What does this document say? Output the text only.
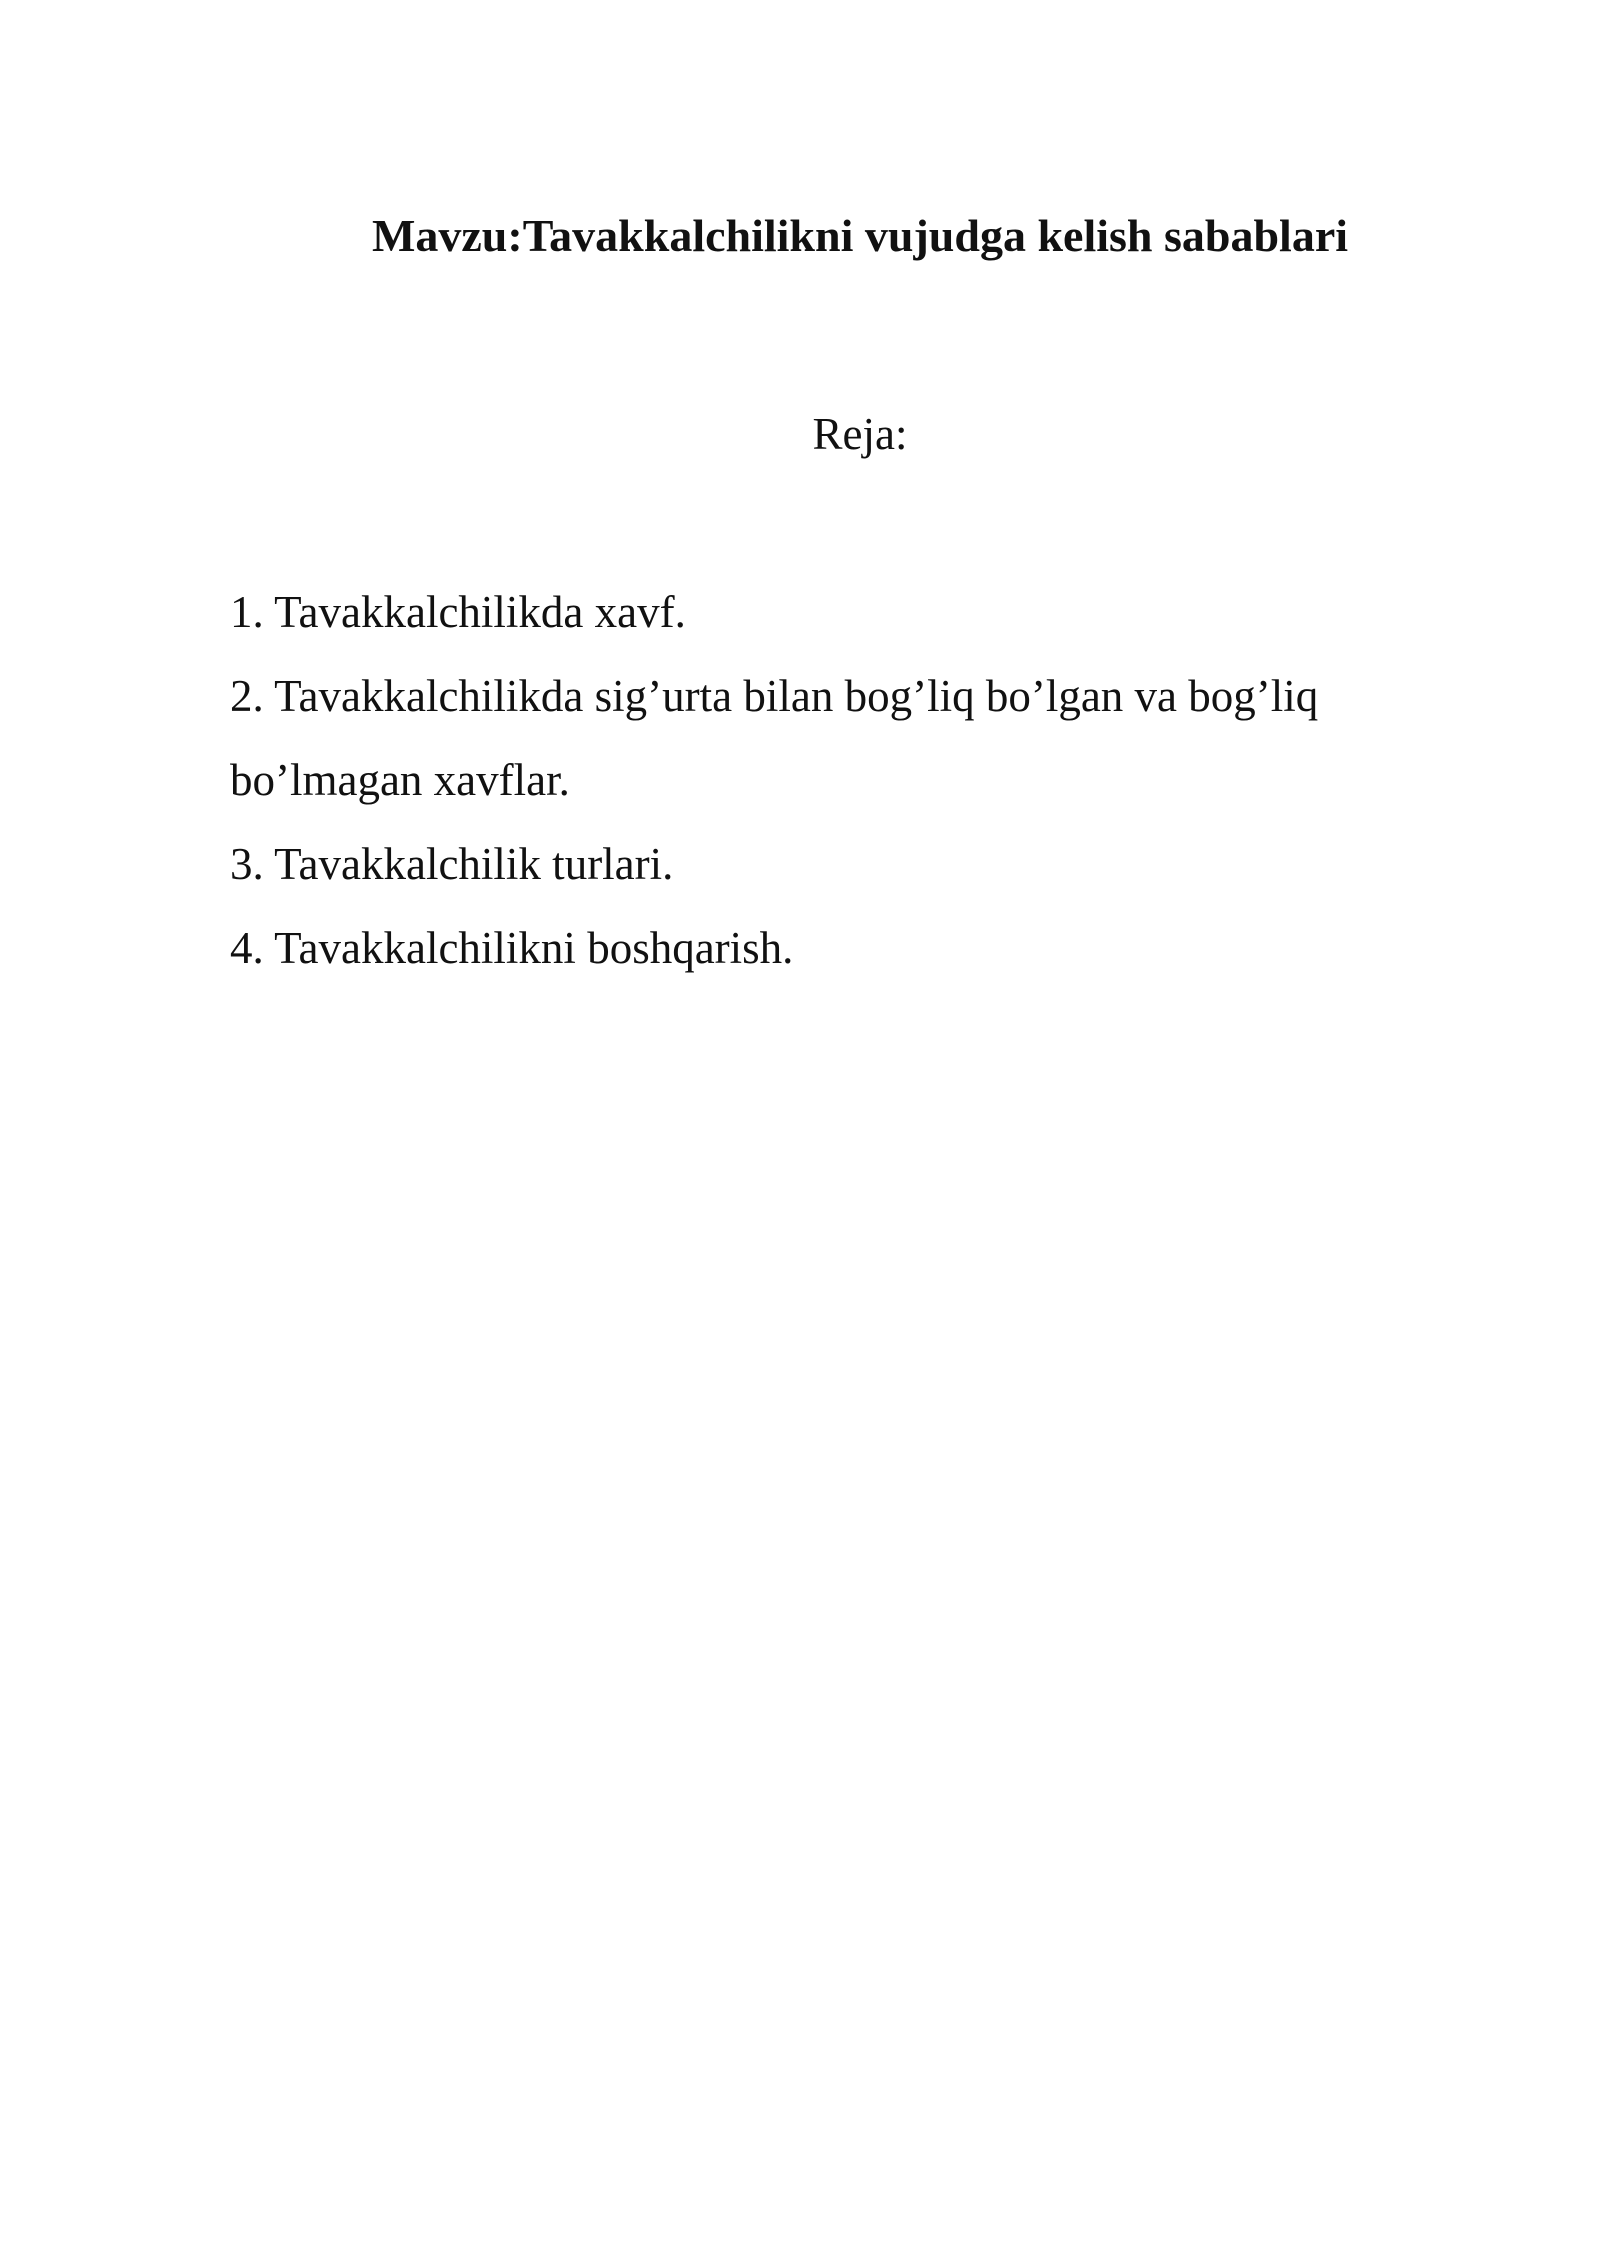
Mavzu:Tavakkalchilikni vujudga kelish sabablari

Reja:

1. Tavakkalchilikda xavf.
2. Tavakkalchilikda sig’urta bilan bog’liq bo’lgan va bog’liq
bo’lmagan xavflar.
3. Tavakkalchilik turlari.
4. Tavakkalchilikni boshqarish.
